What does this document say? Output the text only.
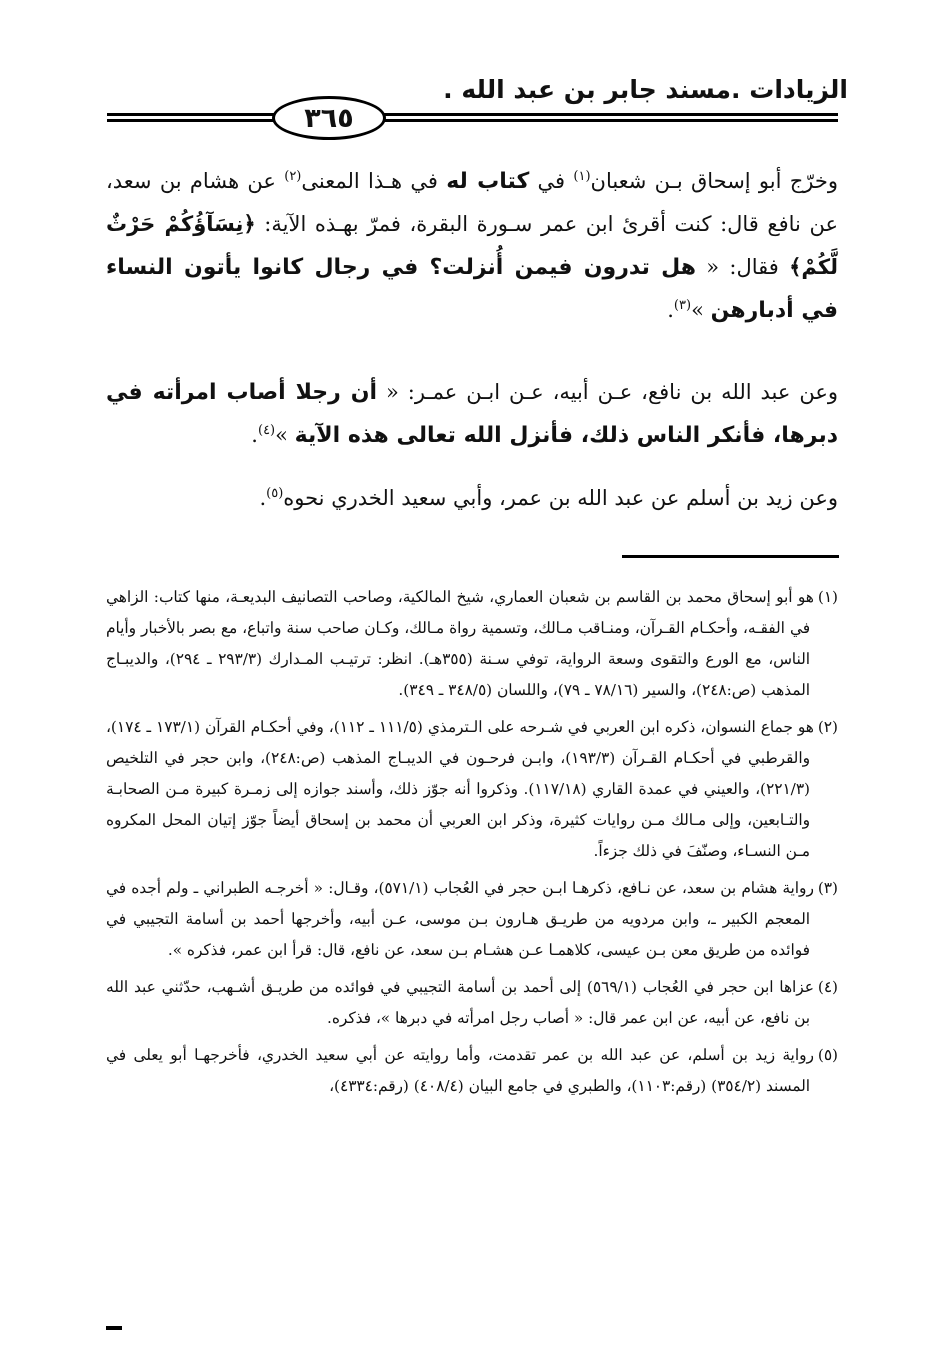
الزيادات .مسند جابر بن عبد الله .
٣٦٥

وخرّج أبو إسحاق بـن شعبان$^{(١)}$ في كتاب له في هـذا المعنى$^{(٢)}$ عن هشام بن سعد، عن نافع قال: كنت أقرئ ابن عمر سـورة البقرة، فمرّ بهـذه الآية: ﴿نِسَآؤُكُمْ حَرْثٌ لَّكُمْ﴾ فقال: « هل تدرون فيمن أُنزلت؟ في رجال كانوا يأتون النساء في أدبارهن »$^{(٣)}$.

وعن عبد الله بن نافع، عـن أبيه، عـن ابـن عمـر: « أن رجلا أصاب امرأته في دبرها، فأنكر الناس ذلك، فأنزل الله تعالى هذه الآية »$^{(٤)}$.

وعن زيد بن أسلم عن عبد الله بن عمر، وأبي سعيد الخدري نحوه$^{(٥)}$.

(١)هو أبو إسحاق محمد بن القاسم بن شعبان العماري، شيخ المالكية، وصاحب التصانيف البديعـة، منها كتاب: الزاهي في الفقـه، وأحكـام القـرآن، ومنـاقب مـالك، وتسمية رواة مـالك، وكـان صاحب سنة واتباع، مع بصر بالأخبار وأيام الناس، مع الورع والتقوى وسعة الرواية، توفي سـنة (٣٥٥هـ). انظر: ترتيـب المـدارك (٢٩٣/٣ ـ ٢٩٤)، والديبـاج المذهب (ص:٢٤٨)، والسير (٧٨/١٦ ـ ٧٩)، واللسان (٣٤٨/٥ ـ ٣٤٩).

(٢)هو جماع النسوان، ذكره ابن العربي في شـرحه على الـترمذي (١١١/٥ ـ ١١٢)، وفي أحكـام القرآن (١٧٣/١ ـ ١٧٤)، والقرطبي في أحكـام القـرآن (١٩٣/٣)، وابـن فرحـون في الديبـاج المذهب (ص:٢٤٨)، وابن حجر في التلخيص (٢٢١/٣)، والعيني في عمدة القاري (١١٧/١٨). وذكروا أنه جوّز ذلك، وأسند جوازه إلى زمـرة كبيرة مـن الصحابـة والتـابعين، وإلى مـالك مـن روايات كثيرة، وذكر ابن العربي أن محمد بن إسحاق أيضاً جوّز إتيان المحل المكروه مـن النسـاء، وصنّفَ في ذلك جزءاً.

(٣)رواية هشام بن سعد، عن نـافع، ذكرهـا ابـن حجر في العُجاب (٥٧١/١)، وقـال: « أخرجـه الطبراني ـ ولم أجده في المعجم الكبير ـ، وابن مردويه من طريـق هـارون بـن موسى، عـن أبيه، وأخرجها أحمد بن أسامة التجيبي في فوائده من طريق معن بـن عيسى، كلاهمـا عـن هشـام بـن سعد، عن نافع، قال: قرأ ابن عمر، فذكره ».

(٤)عزاها ابن حجر في العُجاب (٥٦٩/١) إلى أحمد بن أسامة التجيبي في فوائده من طريـق أشـهب، حدّثني عبد الله بن نافع، عن أبيه، عن ابن عمر قال: « أصاب رجل امرأته في دبرها »، فذكره.

(٥)رواية زيد بن أسلم، عن عبد الله بن عمر تقدمت، وأما روايته عن أبي سعيد الخدري، فأخرجهـا أبو يعلى في المسند (٣٥٤/٢) (رقم:١١٠٣)، والطبري في جامع البيان (٤٠٨/٤) (رقم:٤٣٣٤)،
